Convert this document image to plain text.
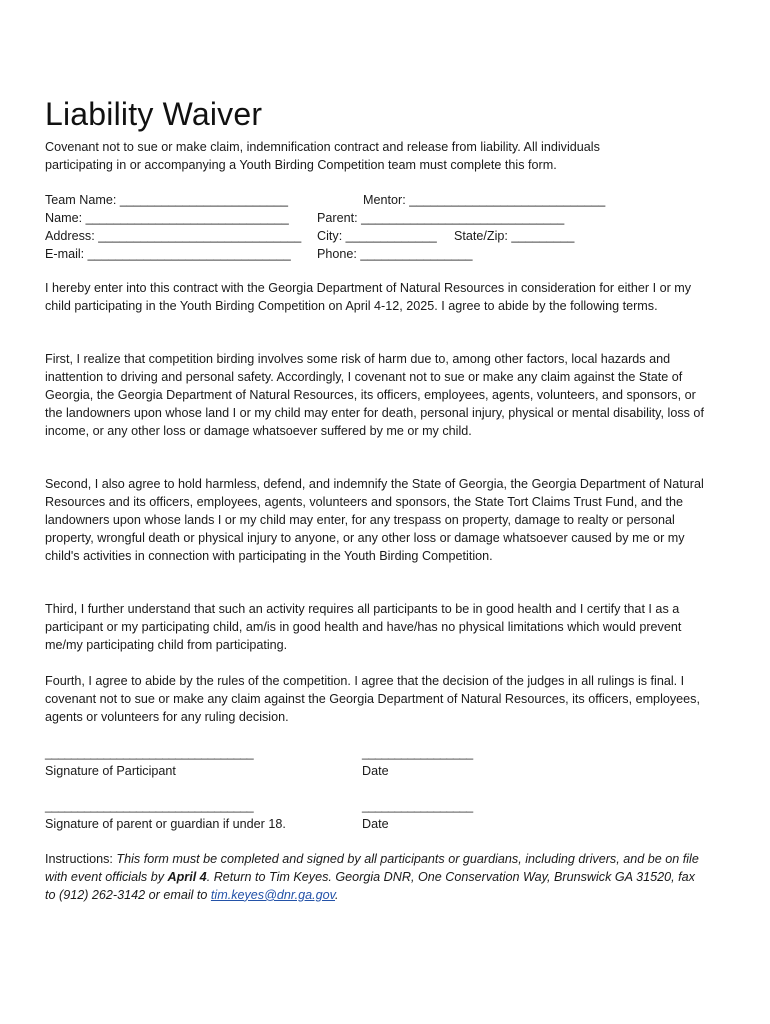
Liability Waiver
Covenant not to sue or make claim, indemnification contract and release from liability. All individuals
participating in or accompanying a Youth Birding Competition team must complete this form.
Team Name: ________________________	Mentor: ____________________________
Name: _____________________________ Parent: _____________________________
Address: _____________________________ City: _____________ State/Zip: _________
E-mail: _____________________________ Phone: ________________
I hereby enter into this contract with the Georgia Department of Natural Resources in consideration for either I or my child participating in the Youth Birding Competition on April 4-12, 2025. I agree to abide by the following terms.
First, I realize that competition birding involves some risk of harm due to, among other factors, local hazards and inattention to driving and personal safety. Accordingly, I covenant not to sue or make any claim against the State of Georgia, the Georgia Department of Natural Resources, its officers, employees, agents, volunteers, and sponsors, or the landowners upon whose land I or my child may enter for death, personal injury, physical or mental disability, loss of income, or any other loss or damage whatsoever suffered by me or my child.
Second, I also agree to hold harmless, defend, and indemnify the State of Georgia, the Georgia Department of Natural Resources and its officers, employees, agents, volunteers and sponsors, the State Tort Claims Trust Fund, and the landowners upon whose lands I or my child may enter, for any trespass on property, damage to realty or personal property, wrongful death or physical injury to anyone, or any other loss or damage whatsoever caused by me or my child's activities in connection with participating in the Youth Birding Competition.
Third, I further understand that such an activity requires all participants to be in good health and I certify that I as a participant or my participating child, am/is in good health and have/has no physical limitations which would prevent me/my participating child from participating.
Fourth, I agree to abide by the rules of the competition. I agree that the decision of the judges in all rulings is final. I covenant not to sue or make any claim against the Georgia Department of Natural Resources, its officers, employees, agents or volunteers for any ruling decision.
________________________________
Signature of Participant
_________________
Date
________________________________
Signature of parent or guardian if under 18.
_________________
Date
Instructions: This form must be completed and signed by all participants or guardians, including drivers, and be on file with event officials by April 4. Return to Tim Keyes. Georgia DNR, One Conservation Way, Brunswick GA 31520, fax to (912) 262-3142 or email to tim.keyes@dnr.ga.gov.
